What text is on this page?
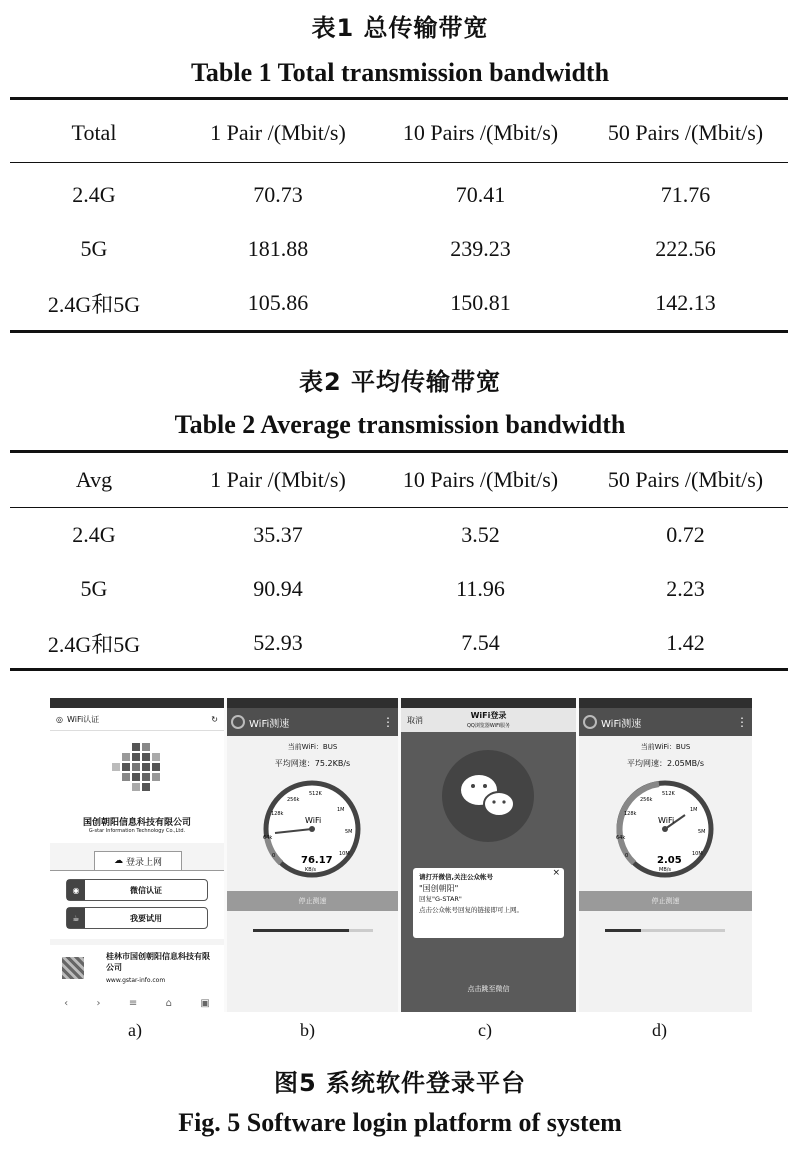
表1 总传输带宽
Table 1 Total transmission bandwidth
Total	1 Pair /(Mbit/s)	10 Pairs /(Mbit/s)	50 Pairs /(Mbit/s)
2.4G	70.73	70.41	71.76
5G	181.88	239.23	222.56
2.4G和5G	105.86	150.81	142.13
表2 平均传输带宽
Table 2 Average transmission bandwidth
Avg	1 Pair /(Mbit/s)	10 Pairs /(Mbit/s)	50 Pairs /(Mbit/s)
2.4G	35.37	3.52	0.72
5G	90.94	11.96	2.23
2.4G和5G	52.93	7.54	1.42
◎ WiFi认证	↻
国创朝阳信息科技有限公司
G-star Information Technology Co.,Ltd.
☁ 登录上网
◉	微信认证
☕	我要试用
桂林市国创朝阳信息科技有限公司
www.gstar-info.com
‹	›	≡	⌂	▣
WiFi测速	⋮
当前WiFi：BUS
平均网速：75.2KB/s
0
64k
128k
256k
512K
1M
5M
10M
WiFi
76.17
KB/s
停止测速
取消
WiFi登录
QQ浏览器WiFi服务
×
请打开微信,关注公众帐号
"国创朝阳"
回复"G-STAR"
点击公众帐号回复的链接即可上网。
点击跳至微信
WiFi测速	⋮
当前WiFi：BUS
平均网速：2.05MB/s
0
64k
128k
256k
512K
1M
5M
10M
WiFi
2.05
MB/s
停止测速
a)	b)	c)	d)
图5 系统软件登录平台
Fig. 5 Software login platform of system
